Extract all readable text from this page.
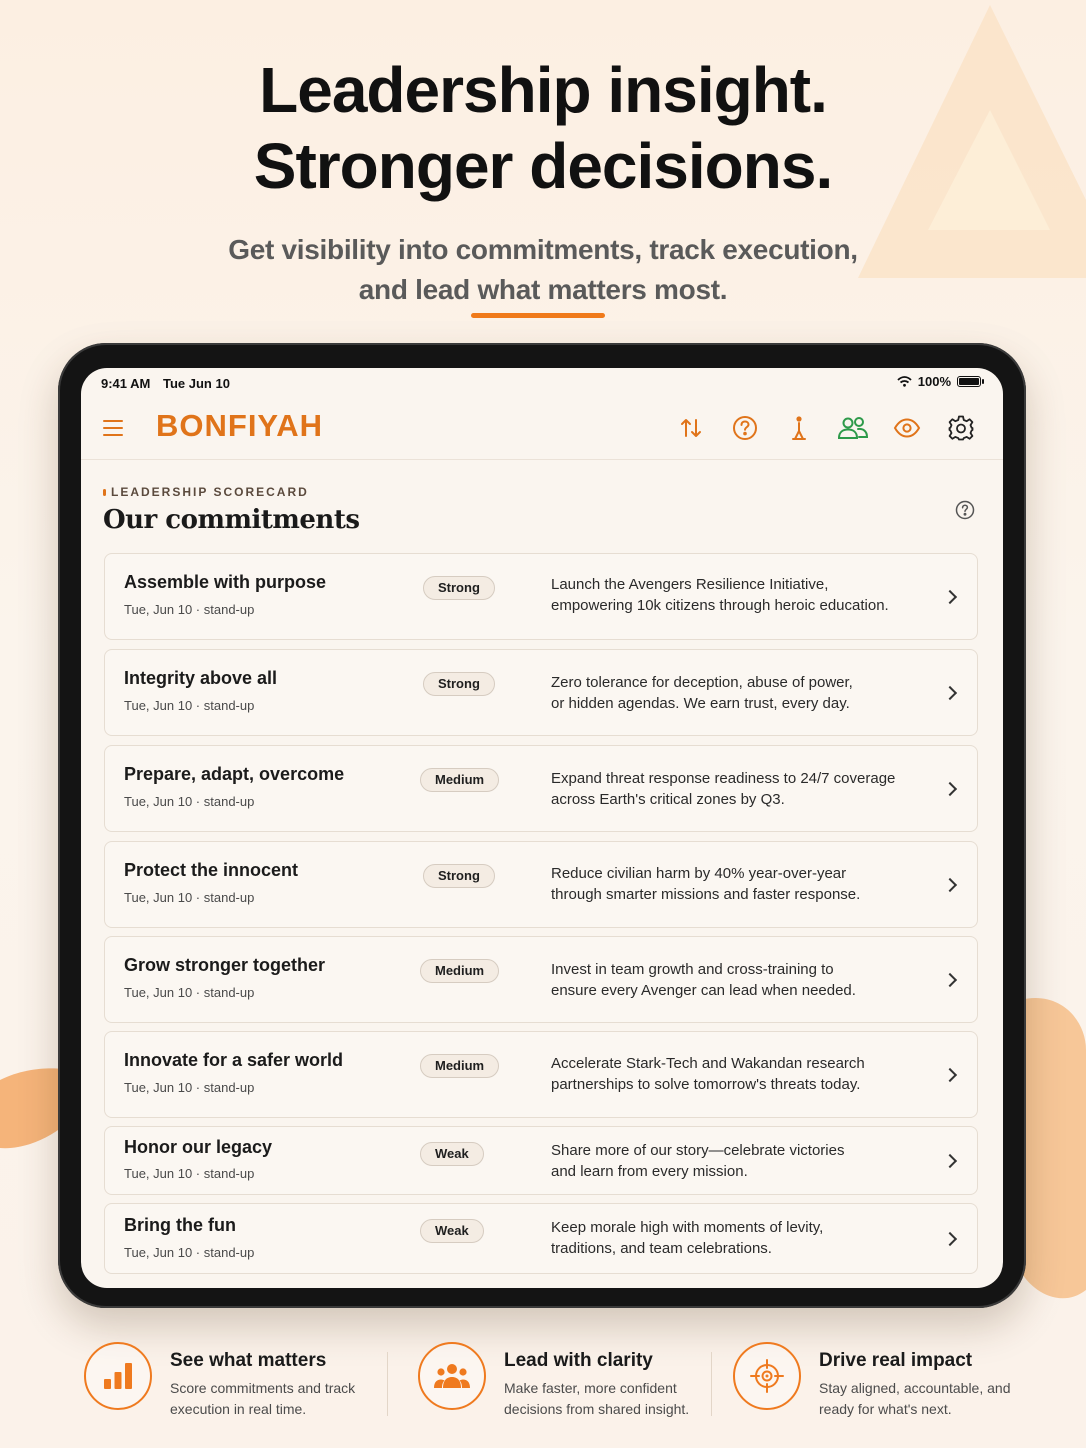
Leadership insight.
Stronger decisions.

Get visibility into commitments, track execution,
and lead what matters most.

9:41 AM Tue Jun 10	100%
BONFIYAH
LEADERSHIP SCORECARD
Our commitments
Assemble with purpose
Tue, Jun 10 · stand-up
Strong	Launch the Avengers Resilience Initiative,
empowering 10k citizens through heroic education.
Integrity above all
Tue, Jun 10 · stand-up
Strong	Zero tolerance for deception, abuse of power,
or hidden agendas. We earn trust, every day.
Prepare, adapt, overcome
Tue, Jun 10 · stand-up
Medium	Expand threat response readiness to 24/7 coverage
across Earth's critical zones by Q3.
Protect the innocent
Tue, Jun 10 · stand-up
Strong	Reduce civilian harm by 40% year-over-year
through smarter missions and faster response.
Grow stronger together
Tue, Jun 10 · stand-up
Medium	Invest in team growth and cross-training to
ensure every Avenger can lead when needed.
Innovate for a safer world
Tue, Jun 10 · stand-up
Medium	Accelerate Stark-Tech and Wakandan research
partnerships to solve tomorrow's threats today.
Honor our legacy
Tue, Jun 10 · stand-up
Weak	Share more of our story—celebrate victories
and learn from every mission.
Bring the fun
Tue, Jun 10 · stand-up
Weak	Keep morale high with moments of levity,
traditions, and team celebrations.
See what matters
Score commitments and track execution in real time.
Lead with clarity
Make faster, more confident decisions from shared insight.
Drive real impact
Stay aligned, accountable, and ready for what's next.
